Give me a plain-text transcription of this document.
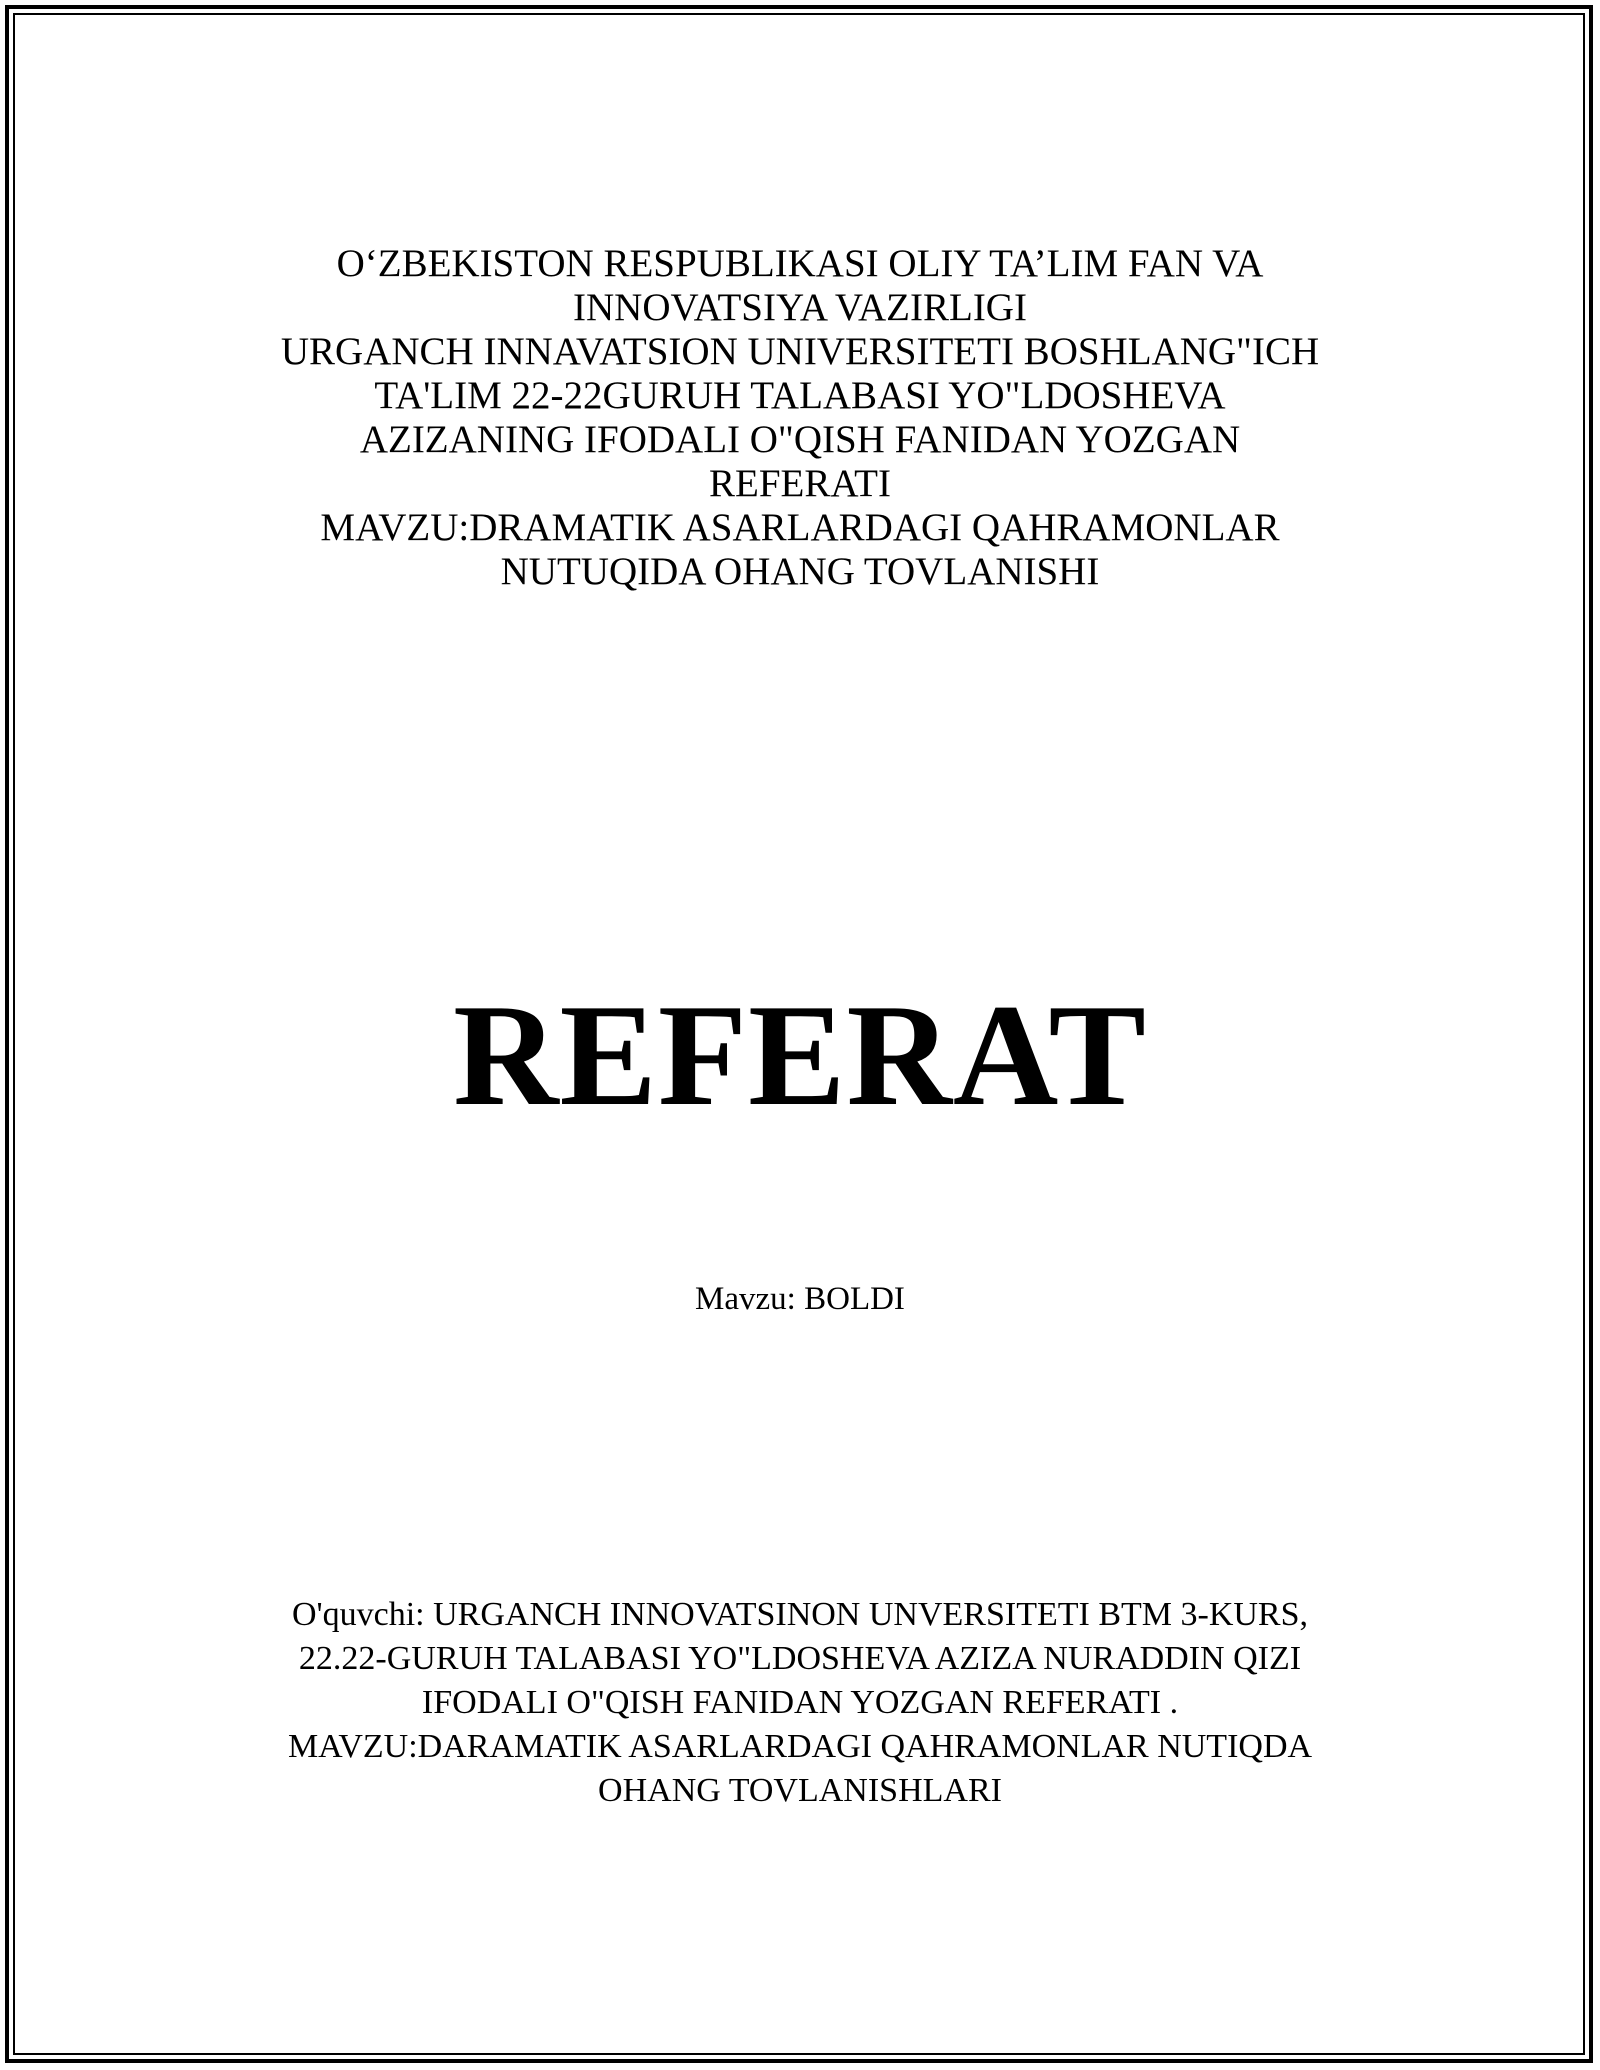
O‘ZBEKISTON RESPUBLIKASI OLIY TA’LIM FAN VA
INNOVATSIYA VAZIRLIGI
URGANCH INNAVATSION UNIVERSITETI BOSHLANG"ICH
TA'LIM 22-22GURUH TALABASI YO"LDOSHEVA
AZIZANING IFODALI O"QISH FANIDAN YOZGAN
REFERATI
MAVZU:DRAMATIK ASARLARDAGI QAHRAMONLAR
NUTUQIDA OHANG TOVLANISHI
REFERAT
Mavzu: BOLDI
O'quvchi: URGANCH INNOVATSINON UNVERSITETI BTM 3-KURS,
22.22-GURUH TALABASI YO"LDOSHEVA AZIZA NURADDIN QIZI
IFODALI O"QISH FANIDAN YOZGAN REFERATI .
MAVZU:DARAMATIK ASARLARDAGI QAHRAMONLAR NUTIQDA
OHANG TOVLANISHLARI
